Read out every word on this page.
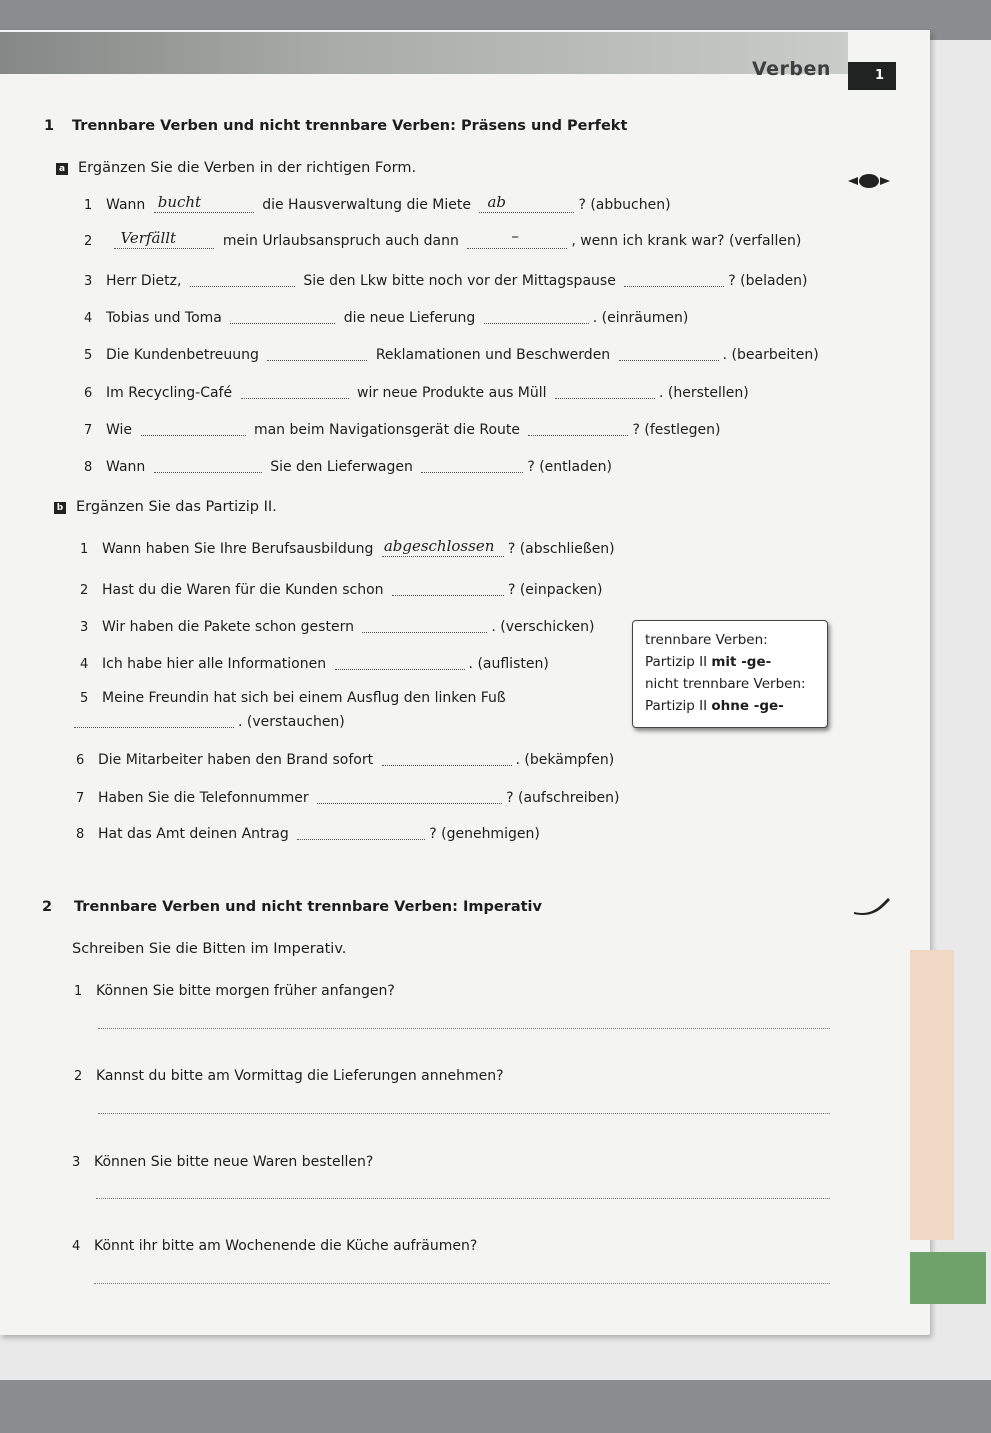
Verben	1
1 Trennbare Verben und nicht trennbare Verben: Präsens und Perfekt
a Ergänzen Sie die Verben in der richtigen Form.
1 Wann bucht	die Hausverwaltung die Miete ab	? (abbuchen)
2 Verfällt	mein Urlaubsanspruch auch dann	–	, wenn ich krank war? (verfallen)
3 Herr Dietz,	Sie den Lkw bitte noch vor der Mittagspause	? (beladen)
4 Tobias und Toma	die neue Lieferung	. (einräumen)
5 Die Kundenbetreuung	Reklamationen und Beschwerden	. (bearbeiten)
6 Im Recycling-Café	wir neue Produkte aus Müll	. (herstellen)
7 Wie	man beim Navigationsgerät die Route	? (festlegen)
8 Wann	Sie den Lieferwagen	? (entladen)
b Ergänzen Sie das Partizip II.
1 Wann haben Sie Ihre Berufsausbildung abgeschlossen ? (abschließen)
2 Hast du die Waren für die Kunden schon	? (einpacken)
3 Wir haben die Pakete schon gestern	. (verschicken)
4 Ich habe hier alle Informationen	. (auflisten)
5 Meine Freundin hat sich bei einem Ausflug den linken Fuß
. (verstauchen)
trennbare Verben:
Partizip II mit -ge-
nicht trennbare Verben:
Partizip II ohne -ge-
6 Die Mitarbeiter haben den Brand sofort	. (bekämpfen)
7 Haben Sie die Telefonnummer	? (aufschreiben)
8 Hat das Amt deinen Antrag	? (genehmigen)
2 Trennbare Verben und nicht trennbare Verben: Imperativ
Schreiben Sie die Bitten im Imperativ.
1 Können Sie bitte morgen früher anfangen?
2 Kannst du bitte am Vormittag die Lieferungen annehmen?
3 Können Sie bitte neue Waren bestellen?
4 Könnt ihr bitte am Wochenende die Küche aufräumen?
